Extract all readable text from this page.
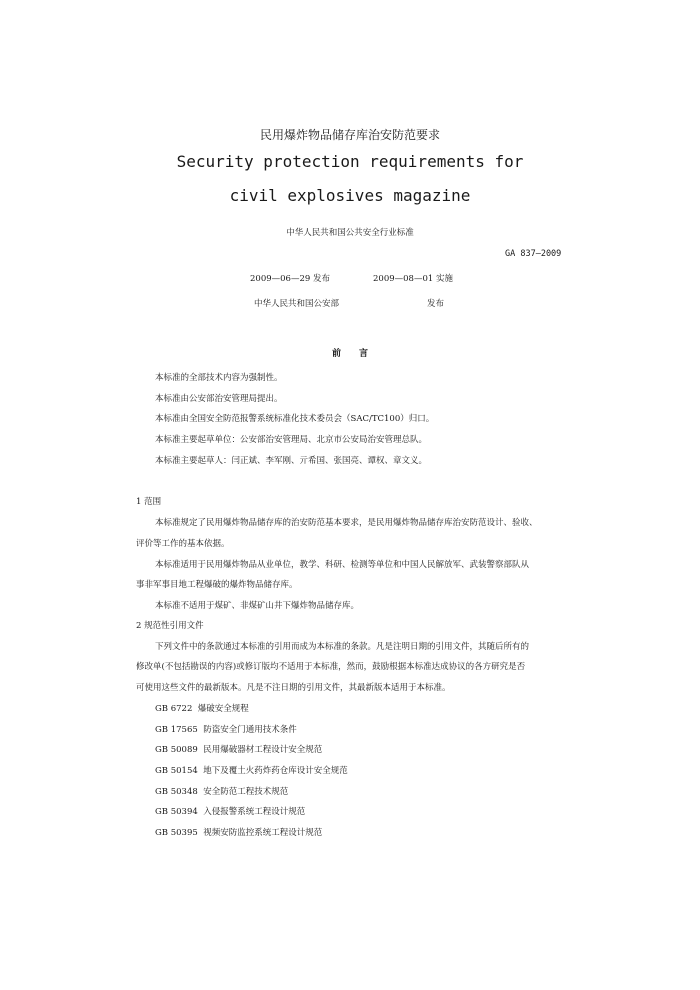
民用爆炸物品储存库治安防范要求
Security protection requirements for
civil explosives magazine
中华人民共和国公共安全行业标准
GA 837—2009
2009—06—29 发布	2009—08—01 实施
中华人民共和国公安部	发布
前言
本标准的全部技术内容为强制性。
本标准由公安部治安管理局提出。
本标准由全国安全防范报警系统标准化技术委员会（SAC/TC100）归口。
本标准主要起草单位：公安部治安管理局、北京市公安局治安管理总队。
本标准主要起草人：闫正斌、李军刚、亓希国、张国亮、谭权、章文义。
1 范围
本标准规定了民用爆炸物品储存库的治安防范基本要求，是民用爆炸物品储存库治安防范设计、验收、
评价等工作的基本依据。
本标准适用于民用爆炸物品从业单位，教学、科研、检测等单位和中国人民解放军、武装警察部队从
事非军事目地工程爆破的爆炸物品储存库。
本标准不适用于煤矿、非煤矿山井下爆炸物品储存库。
2 规范性引用文件
下列文件中的条款通过本标准的引用而成为本标准的条款。凡是注明日期的引用文件，其随后所有的
修改单(不包括勘误的内容)或修订版均不适用于本标准，然而，鼓励根据本标准达成协议的各方研究是否
可使用这些文件的最新版本。凡是不注日期的引用文件，其最新版本适用于本标准。
GB 6722 爆破安全规程
GB 17565 防盗安全门通用技术条件
GB 50089 民用爆破器材工程设计安全规范
GB 50154 地下及覆土火药炸药仓库设计安全规范
GB 50348 安全防范工程技术规范
GB 50394 入侵报警系统工程设计规范
GB 50395 视频安防监控系统工程设计规范
